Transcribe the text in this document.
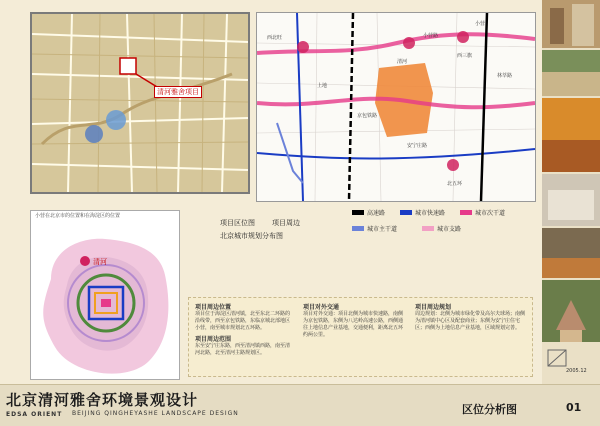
清河雅舍项目
小营路
京包铁路
清河
上地
西北旺
西三旗
小营
安宁庄路
林萃路
北五环
项目区位图 项目周边
北京城市规划分布图
高速路	城市快速路	城市次干道
城市主干道	城市支路
小营在北京市的位置和在海淀区的位置
清河
项目周边位置
项目位于海淀区清河镇，北至东北二环路的沿线带，西至京包铁路，东临京城北部地区小营，南至城市规划北五环路。
项目周边范围
东至安宁庄东路，西至清河镇西路，南至清河北路，北至清河主路规划区。
项目对外交通
项目对外交通：项目北侧为城市快速路，南侧为京包铁路，东侧为八达岭高速公路，西侧通往上地信息产业基地，交通便利，距离北五环约两公里。
项目周边规划
周边规划：北侧为城市绿化带及高尔夫球场；南侧为清河镇中心区及配套商业；东侧为安宁庄住宅区；西侧为上地信息产业基地，区域规划完善。
2005.12
北京清河雅舍环境景观设计
BEIJING QINGHEYASHE LANDSCAPE DESIGN
EDSA ORIENT	区位分析图	01
